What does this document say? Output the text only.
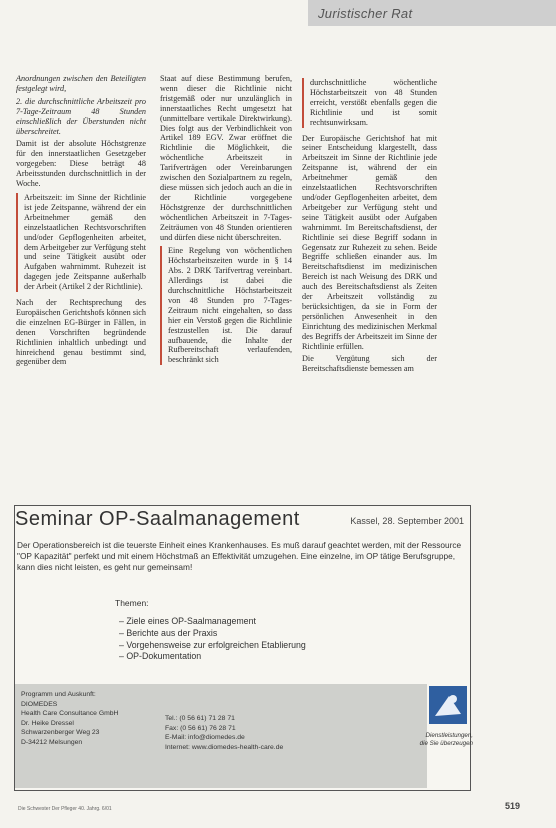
Juristischer Rat

Anordnungen zwischen den Beteiligten festgelegt wird,

2. die durchschnittliche Arbeitszeit pro 7-Tage-Zeitraum 48 Stunden einschließlich der Überstunden nicht überschreitet.

Damit ist der absolute Höchstgrenze für den innerstaatlichen Gesetzgeber vorgegeben: Diese beträgt 48 Arbeitsstunden durchschnittlich in der Woche.

Arbeitszeit: im Sinne der Richtlinie ist jede Zeitspanne, während der ein Arbeitnehmer gemäß den einzelstaatlichen Rechtsvorschriften und/oder Gepflogenheiten arbeitet, dem Arbeitgeber zur Verfügung steht und seine Tätigkeit ausübt oder Aufgaben wahrnimmt. Ruhezeit ist dagegen jede Zeitspanne außerhalb der Arbeit (Artikel 2 der Richtlinie).

Nach der Rechtsprechung des Europäischen Gerichtshofs können sich die einzelnen EG-Bürger in Fällen, in denen Vorschriften begründende Richtlinien inhaltlich unbedingt und hinreichend genau bestimmt sind, gegenüber dem

Staat auf diese Bestimmung berufen, wenn dieser die Richtlinie nicht fristgemäß oder nur unzulänglich in innerstaatliches Recht umgesetzt hat (unmittelbare vertikale Direktwirkung). Dies folgt aus der Verbindlichkeit von Artikel 189 EGV. Zwar eröffnet die Richtlinie die Möglichkeit, die wöchentliche Arbeitszeit in Tarifverträgen oder Vereinbarungen zwischen den Sozialpartnern zu regeln, diese müssen sich jedoch auch an die in der Richtlinie vorgegebene Höchstgrenze der durchschnittlichen wöchentlichen Arbeitszeit in 7-Tages-Zeiträumen von 48 Stunden orientieren und dürfen diese nicht überschreiten.

Eine Regelung von wöchentlichen Höchstarbeitszeiten wurde in § 14 Abs. 2 DRK Tarifvertrag vereinbart. Allerdings ist dabei die durchschnittliche Höchstarbeitszeit von 48 Stunden pro 7-Tages-Zeitraum nicht eingehalten, so dass hier ein Verstoß gegen die Richtlinie festzustellen ist. Die darauf aufbauende, die Inhalte der Rufbereitschaft verlaufenden, beschränkt sich

durchschnittliche wöchentliche Höchstarbeitszeit von 48 Stunden erreicht, verstößt ebenfalls gegen die Richtlinie und ist somit rechtsunwirksam.

Der Europäische Gerichtshof hat mit seiner Entscheidung klargestellt, dass Arbeitszeit im Sinne der Richtlinie jede Zeitspanne ist, während der ein Arbeitnehmer gemäß den einzelstaatlichen Rechtsvorschriften und/oder Gepflogenheiten arbeitet, dem Arbeitgeber zur Verfügung steht und seine Tätigkeit ausübt oder Aufgaben wahrnimmt. Im Bereitschaftsdienst, der Richtlinie sei diese Begriff sodann in Gegensatz zur Ruhezeit zu sehen. Beide Begriffe schließen einander aus. Im Bereitschaftsdienst im medizinischen Bereich ist nach Weisung des DRK und auch des Bereitschaftsdienst als Zeiten der Arbeitszeit vollständig zu berücksichtigen, da sie in Form der persönlichen Anwesenheit in den Einrichtung des medizinischen Merkmal des Begriffs der Arbeitszeit im Sinne der Richtlinie erfüllen.

Die Vergütung sich der Bereitschaftsdienste bemessen am

Seminar OP-Saalmanagement	Kassel, 28. September 2001
Der Operationsbereich ist die teuerste Einheit eines Krankenhauses. Es muß darauf geachtet werden, mit der Ressource "OP Kapazität" perfekt und mit einem Höchstmaß an Effektivität umzugehen. Eine einzelne, im OP tätige Berufsgruppe, kann dies nicht leisten, es geht nur gemeinsam!
Themen:
– Ziele eines OP-Saalmanagement
– Berichte aus der Praxis
– Vorgehensweise zur erfolgreichen Etablierung
– OP-Dokumentation
Programm und Auskunft:
DIOMEDES
Health Care Consultance GmbH
Dr. Heike Dressel
Schwarzenberger Weg 23
D-34212 Melsungen
Tel.: (0 56 61) 71 28 71
Fax: (0 56 61) 76 28 71
E-Mail: info@diomedes.de
Internet: www.diomedes-health-care.de
Dienstleistungen,
die Sie überzeugen
Die Schwester Der Pfleger 40. Jahrg. 6/01	519
